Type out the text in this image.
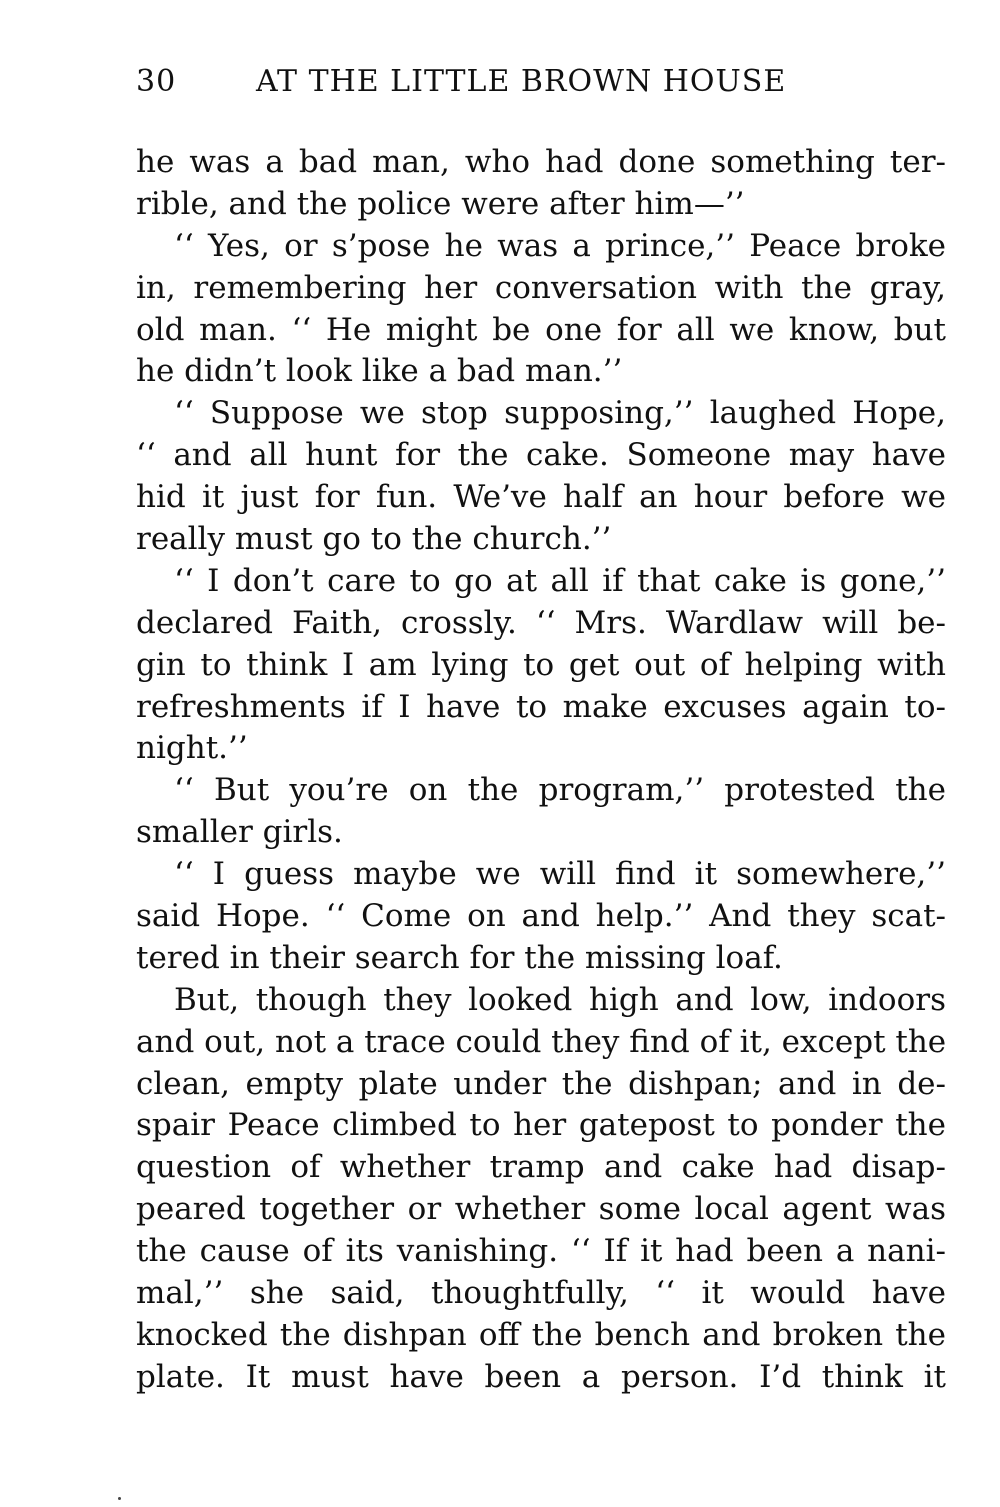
30	AT THE LITTLE BROWN HOUSE
he was a bad man, who had done something ter-
rible, and the police were after him—’’
‘‘ Yes, or s’pose he was a prince,’’ Peace broke
in, remembering her conversation with the gray,
old man. ‘‘ He might be one for all we know, but
he didn’t look like a bad man.’’
‘‘ Suppose we stop supposing,’’ laughed Hope,
‘‘ and all hunt for the cake. Someone may have
hid it just for fun. We’ve half an hour before we
really must go to the church.’’
‘‘ I don’t care to go at all if that cake is gone,’’
declared Faith, crossly. ‘‘ Mrs. Wardlaw will be-
gin to think I am lying to get out of helping with
refreshments if I have to make excuses again to-
night.’’
‘‘ But you’re on the program,’’ protested the
smaller girls.
‘‘ I guess maybe we will find it somewhere,’’
said Hope. ‘‘ Come on and help.’’ And they scat-
tered in their search for the missing loaf.
But, though they looked high and low, indoors
and out, not a trace could they find of it, except the
clean, empty plate under the dishpan; and in de-
spair Peace climbed to her gatepost to ponder the
question of whether tramp and cake had disap-
peared together or whether some local agent was
the cause of its vanishing. ‘‘ If it had been a nani-
mal,’’ she said, thoughtfully, ‘‘ it would have
knocked the dishpan off the bench and broken the
plate. It must have been a person. I’d think it
